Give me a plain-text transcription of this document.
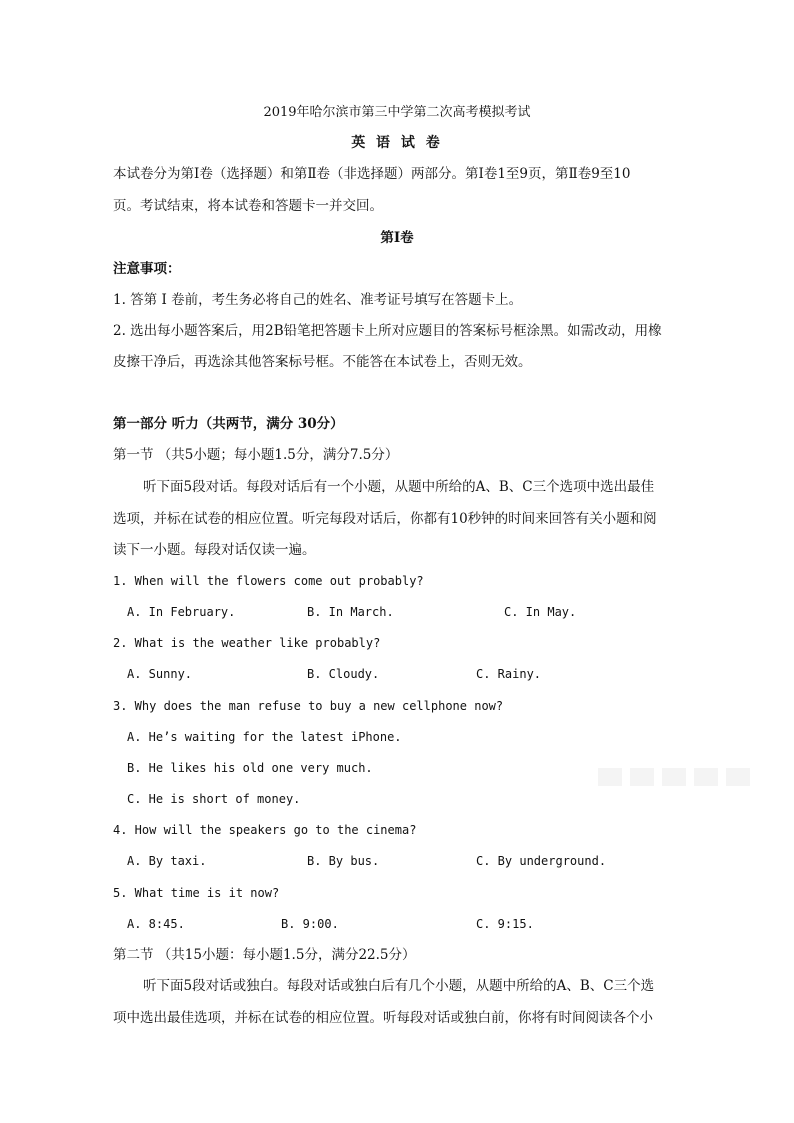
2019年哈尔滨市第三中学第二次高考模拟考试
英 语 试 卷
本试卷分为第Ⅰ卷（选择题）和第Ⅱ卷（非选择题）两部分。第Ⅰ卷1至9页，第Ⅱ卷9至10
页。考试结束，将本试卷和答题卡一并交回。
第Ⅰ卷
注意事项：
1. 答第 Ⅰ 卷前，考生务必将自己的姓名、准考证号填写在答题卡上。
2. 选出每小题答案后，用2B铅笔把答题卡上所对应题目的答案标号框涂黑。如需改动，用橡
皮擦干净后，再选涂其他答案标号框。不能答在本试卷上，否则无效。
第一部分 听力（共两节，满分 30分）
第一节 （共5小题；每小题1.5分，满分7.5分）
听下面5段对话。每段对话后有一个小题，从题中所给的A、B、C三个选项中选出最佳
选项，并标在试卷的相应位置。听完每段对话后，你都有10秒钟的时间来回答有关小题和阅
读下一小题。每段对话仅读一遍。
1. When will the flowers come out probably?
A. In February.	B. In March.	C. In May.
2. What is the weather like probably?
A. Sunny.	B. Cloudy.	C. Rainy.
3. Why does the man refuse to buy a new cellphone now?
A. He’s waiting for the latest iPhone.
B. He likes his old one very much.
C. He is short of money.
4. How will the speakers go to the cinema?
A. By taxi.	B. By bus.	C. By underground.
5. What time is it now?
A. 8:45.	B. 9:00.	C. 9:15.
第二节 （共15小题：每小题1.5分，满分22.5分）
听下面5段对话或独白。每段对话或独白后有几个小题，从题中所给的A、B、C三个选
项中选出最佳选项，并标在试卷的相应位置。听每段对话或独白前，你将有时间阅读各个小
